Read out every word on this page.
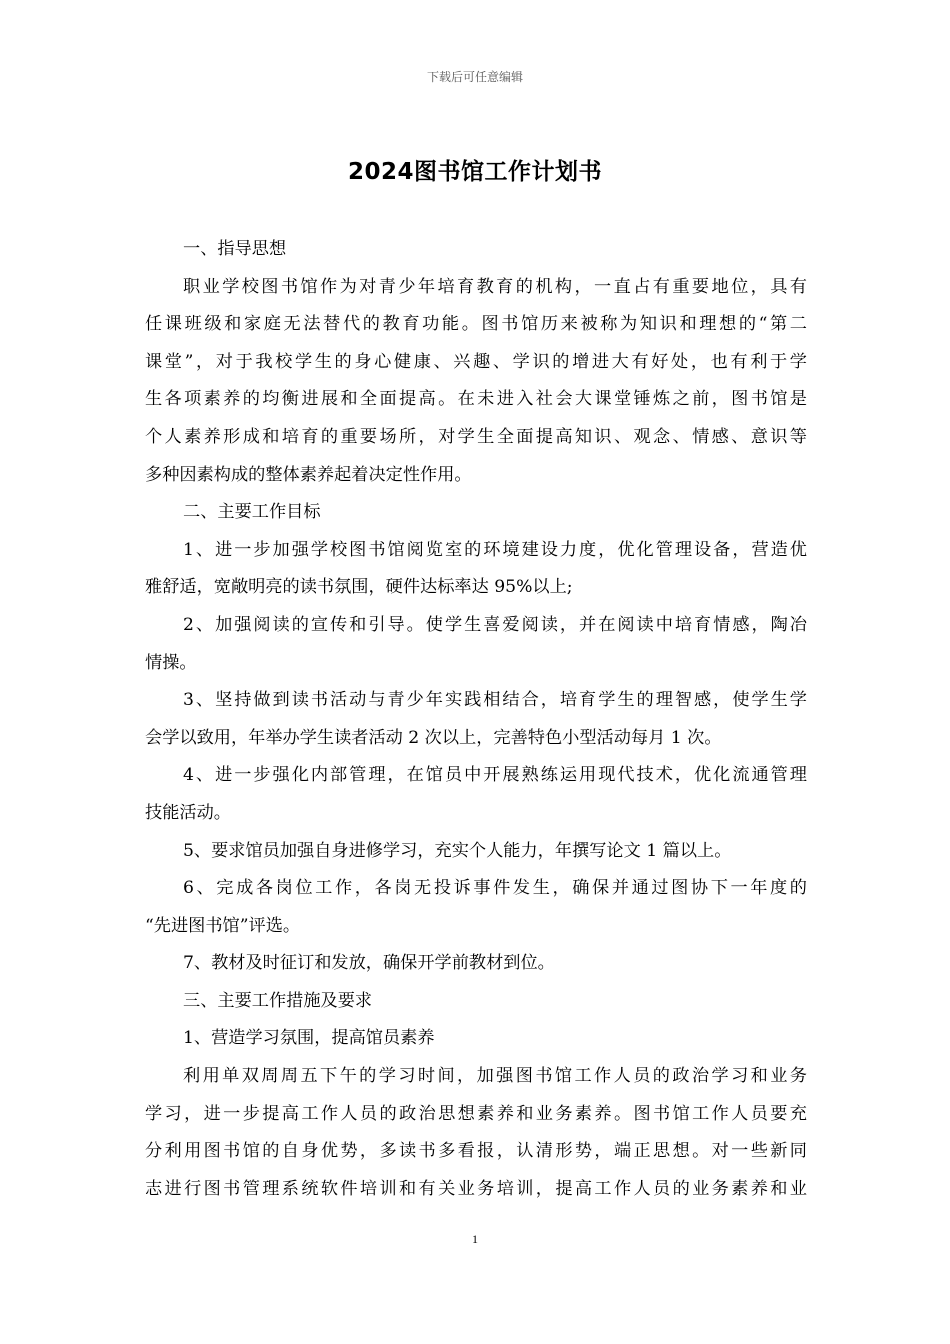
下载后可任意编辑
2024图书馆工作计划书
一、指导思想
职业学校图书馆作为对青少年培育教育的机构，一直占有重要地位，具有
任课班级和家庭无法替代的教育功能。图书馆历来被称为知识和理想的“第二
课堂”，对于我校学生的身心健康、兴趣、学识的增进大有好处，也有利于学
生各项素养的均衡进展和全面提高。在未进入社会大课堂锤炼之前，图书馆是
个人素养形成和培育的重要场所，对学生全面提高知识、观念、情感、意识等
多种因素构成的整体素养起着决定性作用。
二、主要工作目标
1、进一步加强学校图书馆阅览室的环境建设力度，优化管理设备，营造优
雅舒适，宽敞明亮的读书氛围，硬件达标率达 95%以上;
2、加强阅读的宣传和引导。使学生喜爱阅读，并在阅读中培育情感，陶冶
情操。
3、坚持做到读书活动与青少年实践相结合，培育学生的理智感，使学生学
会学以致用，年举办学生读者活动 2 次以上，完善特色小型活动每月 1 次。
4、进一步强化内部管理，在馆员中开展熟练运用现代技术，优化流通管理
技能活动。
5、要求馆员加强自身进修学习，充实个人能力，年撰写论文 1 篇以上。
6、完成各岗位工作，各岗无投诉事件发生，确保并通过图协下一年度的
“先进图书馆”评选。
7、教材及时征订和发放，确保开学前教材到位。
三、主要工作措施及要求
1、营造学习氛围，提高馆员素养
利用单双周周五下午的学习时间，加强图书馆工作人员的政治学习和业务
学习，进一步提高工作人员的政治思想素养和业务素养。图书馆工作人员要充
分利用图书馆的自身优势，多读书多看报，认清形势，端正思想。对一些新同
志进行图书管理系统软件培训和有关业务培训，提高工作人员的业务素养和业
1
